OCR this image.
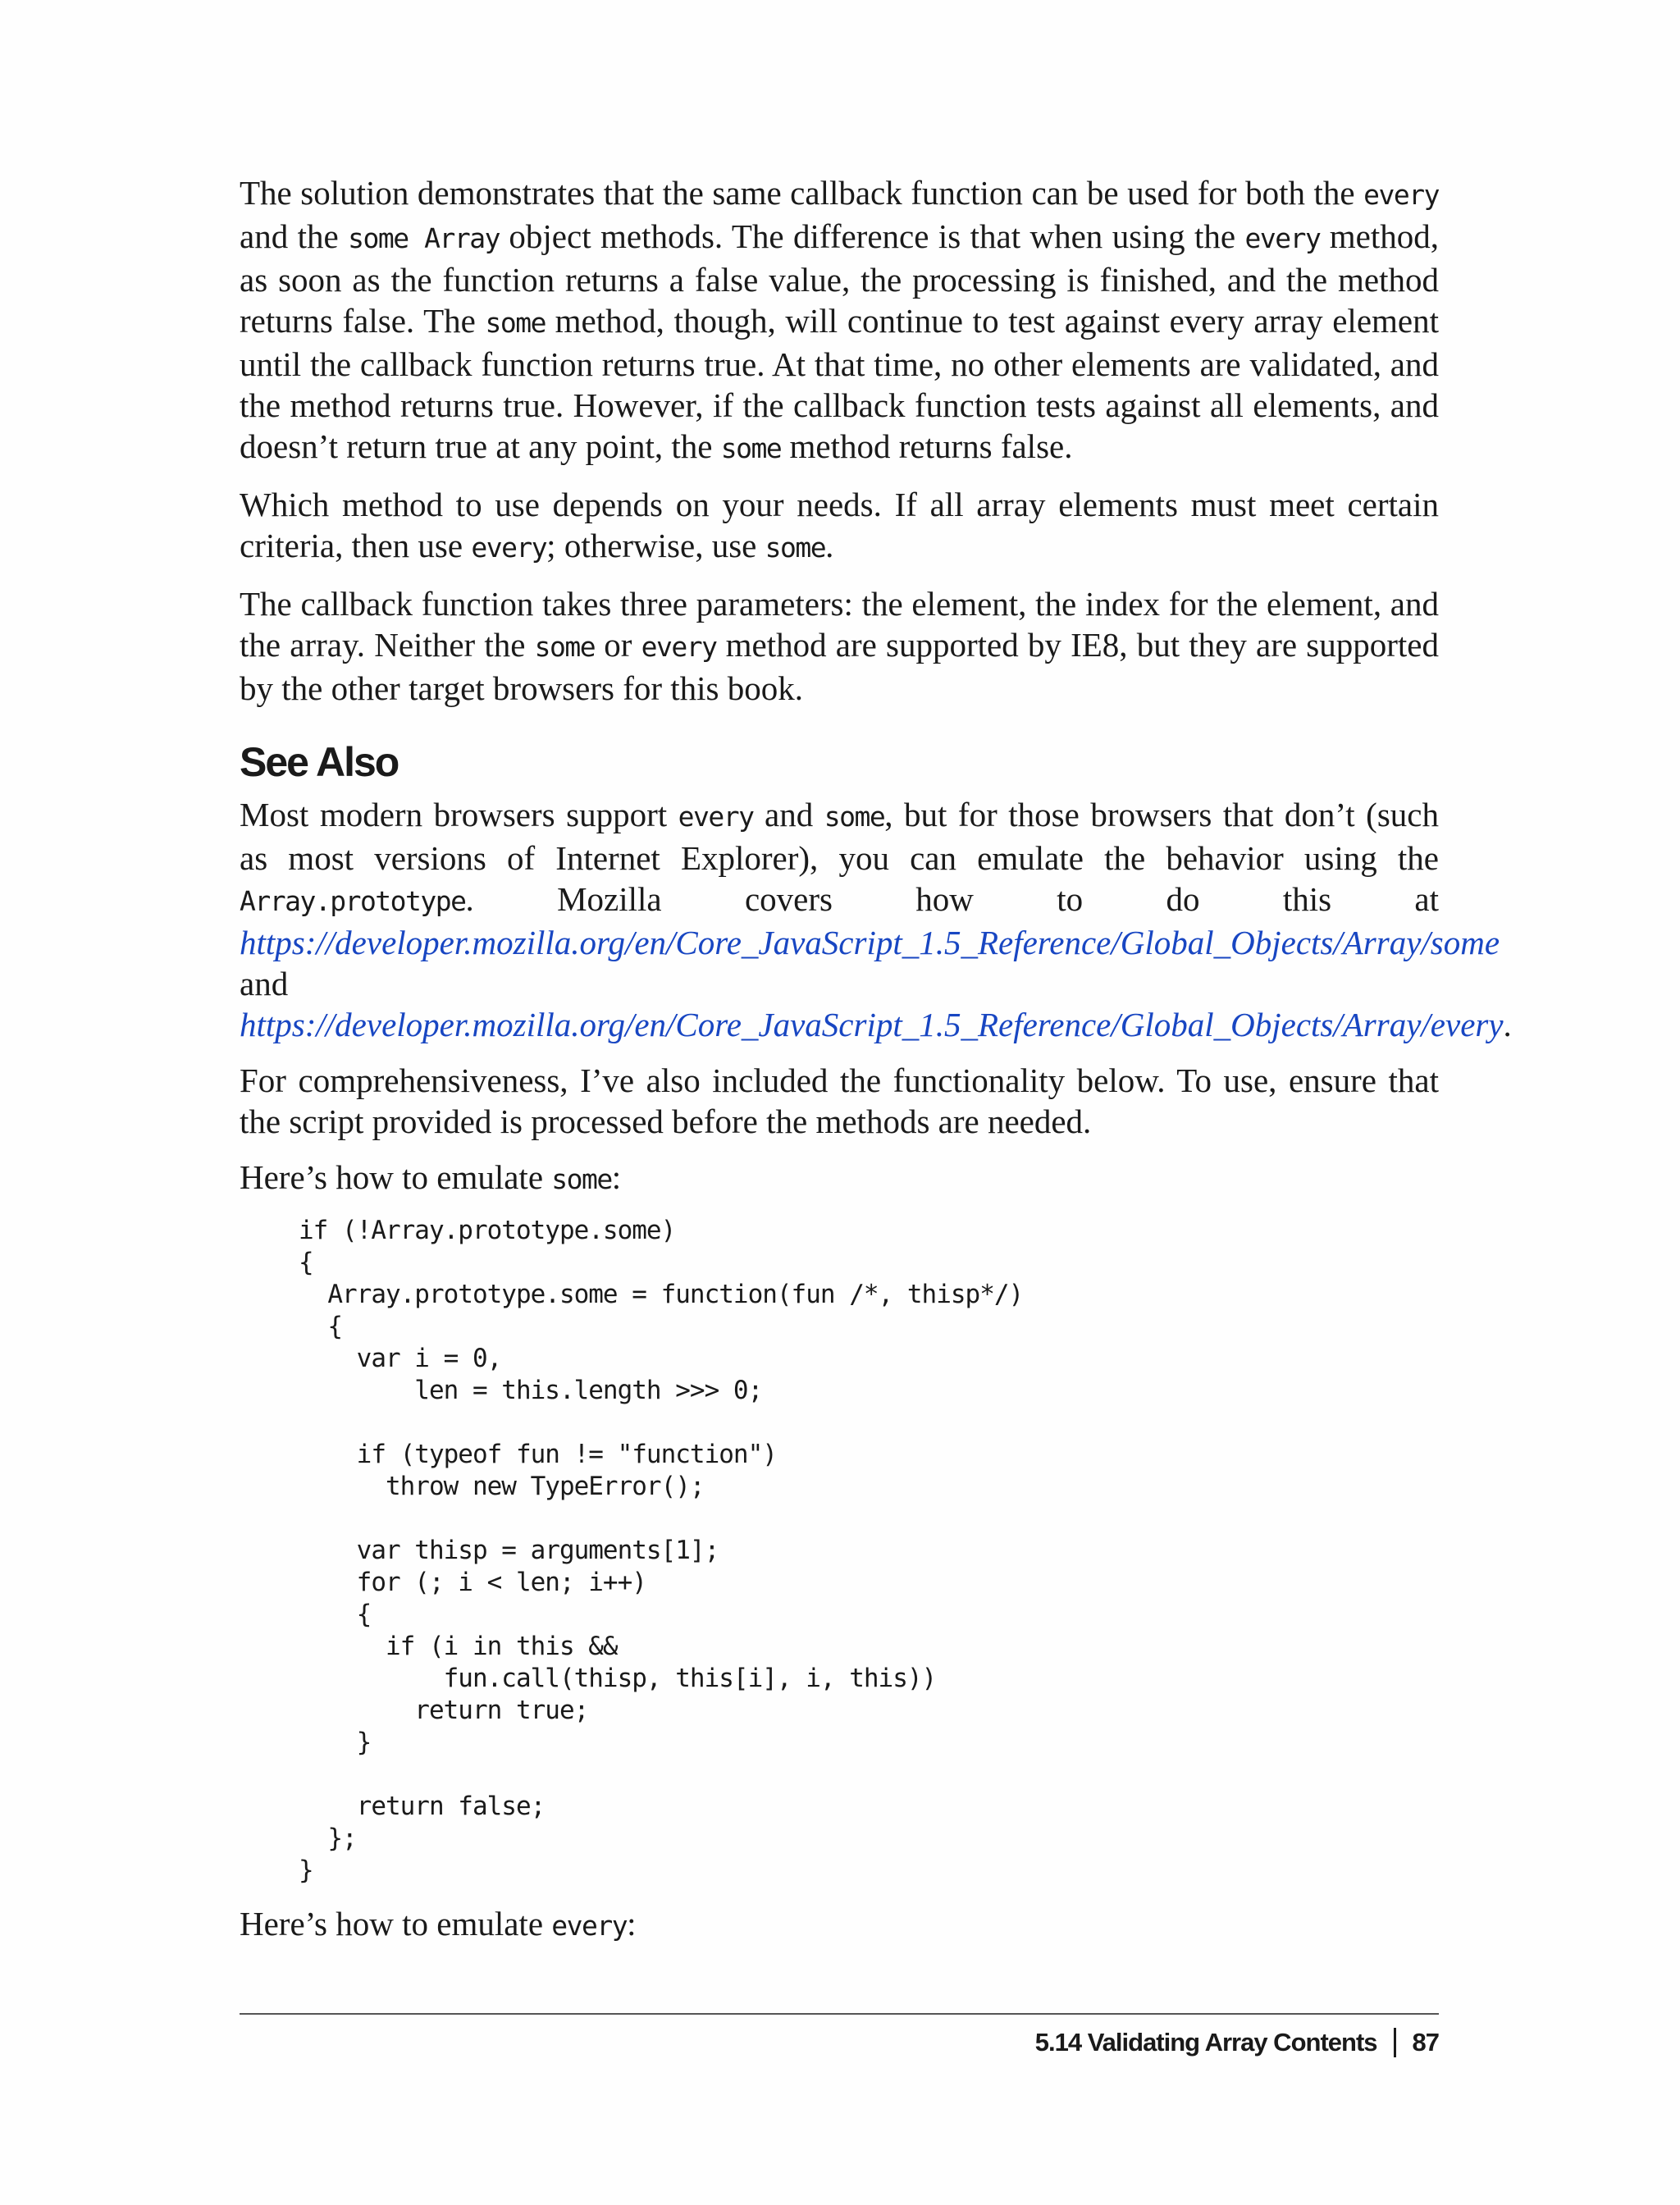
The solution demonstrates that the same callback function can be used for both the every and the some Array object methods. The difference is that when using the every method, as soon as the function returns a false value, the processing is finished, and the method returns false. The some method, though, will continue to test against every array element until the callback function returns true. At that time, no other elements are validated, and the method returns true. However, if the callback function tests against all elements, and doesn’t return true at any point, the some method returns false.

Which method to use depends on your needs. If all array elements must meet certain criteria, then use every; otherwise, use some.

The callback function takes three parameters: the element, the index for the element, and the array. Neither the some or every method are supported by IE8, but they are supported by the other target browsers for this book.

See Also

Most modern browsers support every and some, but for those browsers that don’t (such as most versions of Internet Explorer), you can emulate the behavior using the Array.prototype. Mozilla covers how to do this at https://developer.mozilla.org/en/Core_JavaScript_1.5_Reference/Global_Objects/Array/some and https://developer.mozilla.org/en/Core_JavaScript_1.5_Reference/Global_Objects/Array/every.

For comprehensiveness, I’ve also included the functionality below. To use, ensure that the script provided is processed before the methods are needed.

Here’s how to emulate some:

if (!Array.prototype.some)
{
Array.prototype.some = function(fun /*, thisp*/)
{
var i = 0,
len = this.length >>> 0;

if (typeof fun != "function")
throw new TypeError();

var thisp = arguments[1];
for (; i < len; i++)
{
if (i in this &&
fun.call(thisp, this[i], i, this))
return true;
}

return false;
};
}

Here’s how to emulate every:

5.14 Validating Array Contents 87
